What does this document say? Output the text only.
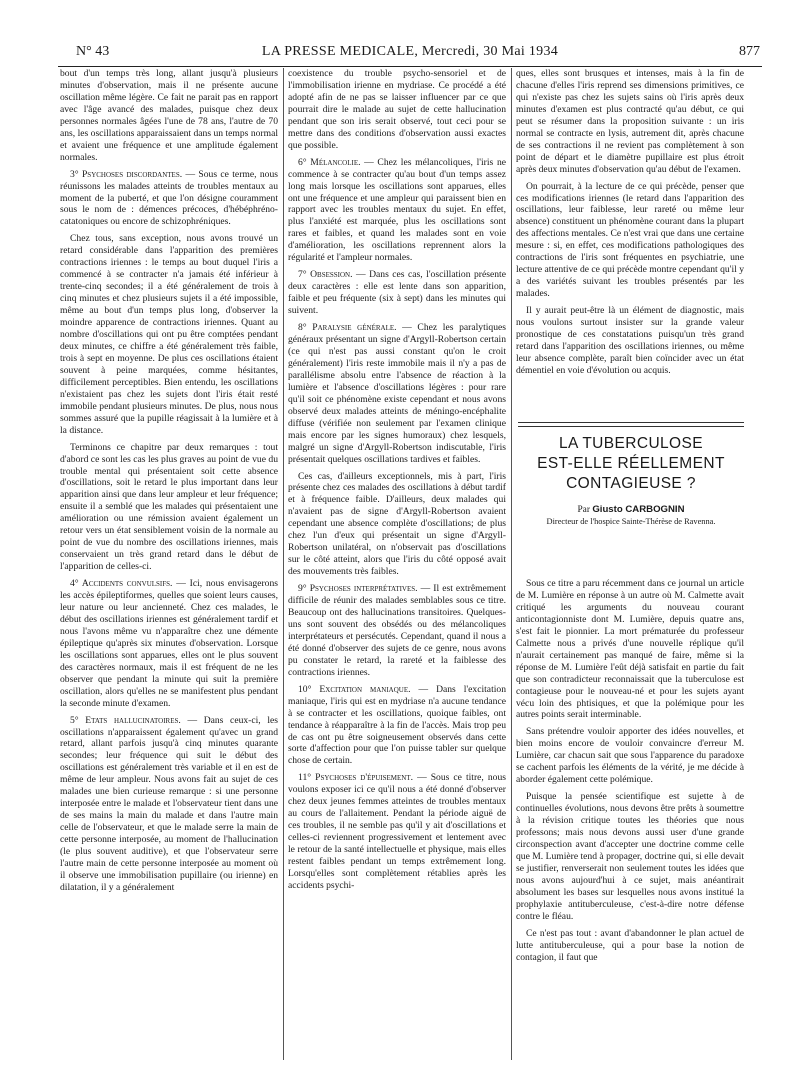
N° 43	LA PRESSE MEDICALE, Mercredi, 30 Mai 1934	877

bout d'un temps très long, allant jusqu'à plusieurs minutes d'observation, mais il ne présente aucune oscillation même légère. Ce fait ne parait pas en rapport avec l'âge avancé des malades, puisque chez deux personnes normales âgées l'une de 78 ans, l'autre de 70 ans, les oscillations apparaissaient dans un temps normal et avaient une fréquence et une amplitude également normales.

3° Psychoses discordantes. — Sous ce terme, nous réunissons les malades atteints de troubles mentaux au moment de la puberté, et que l'on désigne couramment sous le nom de : démences précoces, d'hébéphréno-catatoniques ou encore de schizophréniques.

Chez tous, sans exception, nous avons trouvé un retard considérable dans l'apparition des premières contractions iriennes : le temps au bout duquel l'iris a commencé à se contracter n'a jamais été inférieur à trente-cinq secondes; il a été généralement de trois à cinq minutes et chez plusieurs sujets il a été impossible, même au bout d'un temps plus long, d'observer la moindre apparence de contractions iriennes. Quant au nombre d'oscillations qui ont pu être comptées pendant deux minutes, ce chiffre a été généralement très faible, trois à sept en moyenne. De plus ces oscillations étaient souvent à peine marquées, comme hésitantes, difficilement perceptibles. Bien entendu, les oscillations n'existaient pas chez les sujets dont l'iris était resté immobile pendant plusieurs minutes. De plus, nous nous sommes assuré que la pupille réagissait à la lumière et à la distance.

Terminons ce chapitre par deux remarques : tout d'abord ce sont les cas les plus graves au point de vue du trouble mental qui présentaient soit cette absence d'oscillations, soit le retard le plus important dans leur apparition ainsi que dans leur ampleur et leur fréquence; ensuite il a semblé que les malades qui présentaient une amélioration ou une rémission avaient également un retour vers un état sensiblement voisin de la normale au point de vue du nombre des oscillations iriennes, mais conservaient un très grand retard dans le début de l'apparition de celles-ci.

4° Accidents convulsifs. — Ici, nous envisagerons les accès épileptiformes, quelles que soient leurs causes, leur nature ou leur ancienneté. Chez ces malades, le début des oscillations iriennes est généralement tardif et nous l'avons même vu n'apparaître chez une démente épileptique qu'après six minutes d'observation. Lorsque les oscillations sont apparues, elles ont le plus souvent des caractères normaux, mais il est fréquent de ne les observer que pendant la minute qui suit la première oscillation, alors qu'elles ne se manifestent plus pendant la seconde minute d'examen.

5° Etats hallucinatoires. — Dans ceux-ci, les oscillations n'apparaissent également qu'avec un grand retard, allant parfois jusqu'à cinq minutes quarante secondes; leur fréquence qui suit le début des oscillations est généralement très variable et il en est de même de leur ampleur. Nous avons fait au sujet de ces malades une bien curieuse remarque : si une personne interposée entre le malade et l'observateur tient dans une de ses mains la main du malade et dans l'autre main celle de l'observateur, et que le malade serre la main de cette personne interposée, au moment de l'hallucination (le plus souvent auditive), et que l'observateur serre l'autre main de cette personne interposée au moment où il observe une immobilisation pupillaire (ou irienne) en dilatation, il y a généralement

coexistence du trouble psycho-sensoriel et de l'immobilisation irienne en mydriase. Ce procédé a été adopté afin de ne pas se laisser influencer par ce que pourrait dire le malade au sujet de cette hallucination pendant que son iris serait observé, tout ceci pour se mettre dans des conditions d'observation aussi exactes que possible.

6° Mélancolie. — Chez les mélancoliques, l'iris ne commence à se contracter qu'au bout d'un temps assez long mais lorsque les oscillations sont apparues, elles ont une fréquence et une ampleur qui paraissent bien en rapport avec les troubles mentaux du sujet. En effet, plus l'anxiété est marquée, plus les oscillations sont rares et faibles, et quand les malades sont en voie d'amélioration, les oscillations reprennent alors la régularité et l'ampleur normales.

7° Obsession. — Dans ces cas, l'oscillation présente deux caractères : elle est lente dans son apparition, faible et peu fréquente (six à sept) dans les minutes qui suivent.

8° Paralysie générale. — Chez les paralytiques généraux présentant un signe d'Argyll-Robertson certain (ce qui n'est pas aussi constant qu'on le croit généralement) l'iris reste immobile mais il n'y a pas de parallélisme absolu entre l'absence de réaction à la lumière et l'absence d'oscillations légères : pour rare qu'il soit ce phénomène existe cependant et nous avons observé deux malades atteints de méningo-encéphalite diffuse (vérifiée non seulement par l'examen clinique mais encore par les signes humoraux) chez lesquels, malgré un signe d'Argyll-Robertson indiscutable, l'iris présentait quelques oscillations tardives et faibles.

Ces cas, d'ailleurs exceptionnels, mis à part, l'iris présente chez ces malades des oscillations à début tardif et à fréquence faible. D'ailleurs, deux malades qui n'avaient pas de signe d'Argyll-Robertson avaient cependant une absence complète d'oscillations; de plus chez l'un d'eux qui présentait un signe d'Argyll-Robertson unilatéral, on n'observait pas d'oscillations sur le côté atteint, alors que l'iris du côté opposé avait des mouvements très faibles.

9° Psychoses interprétatives. — Il est extrêmement difficile de réunir des malades semblables sous ce titre. Beaucoup ont des hallucinations transitoires. Quelques-uns sont souvent des obsédés ou des mélancoliques interprétateurs et persécutés. Cependant, quand il nous a été donné d'observer des sujets de ce genre, nous avons pu constater le retard, la rareté et la faiblesse des contractions iriennes.

10° Excitation maniaque. — Dans l'excitation maniaque, l'iris qui est en mydriase n'a aucune tendance à se contracter et les oscillations, quoique faibles, ont tendance à réapparaître à la fin de l'accès. Mais trop peu de cas ont pu être soigneusement observés dans cette sorte d'affection pour que l'on puisse tabler sur quelque chose de certain.

11° Psychoses d'épuisement. — Sous ce titre, nous voulons exposer ici ce qu'il nous a été donné d'observer chez deux jeunes femmes atteintes de troubles mentaux au cours de l'allaitement. Pendant la période aiguë de ces troubles, il ne semble pas qu'il y ait d'oscillations et celles-ci reviennent progressivement et lentement avec le retour de la santé intellectuelle et physique, mais elles restent faibles pendant un temps extrêmement long. Lorsqu'elles sont complètement rétablies après les accidents psychi-

ques, elles sont brusques et intenses, mais à la fin de chacune d'elles l'iris reprend ses dimensions primitives, ce qui n'existe pas chez les sujets sains où l'iris après deux minutes d'examen est plus contracté qu'au début, ce qui peut se résumer dans la proposition suivante : un iris normal se contracte en lysis, autrement dit, après chacune de ses contractions il ne revient pas complètement à son point de départ et le diamètre pupillaire est plus étroit après deux minutes d'observation qu'au début de l'examen.

On pourrait, à la lecture de ce qui précède, penser que ces modifications iriennes (le retard dans l'apparition des oscillations, leur faiblesse, leur rareté ou même leur absence) constituent un phénomène courant dans la plupart des affections mentales. Ce n'est vrai que dans une certaine mesure : si, en effet, ces modifications pathologiques des contractions de l'iris sont fréquentes en psychiatrie, une lecture attentive de ce qui précède montre cependant qu'il y a des variétés suivant les troubles présentés par les malades.

Il y aurait peut-être là un élément de diagnostic, mais nous voulons surtout insister sur la grande valeur pronostique de ces constatations puisqu'un très grand retard dans l'apparition des oscillations iriennes, ou même leur absence complète, paraît bien coïncider avec un état démentiel en voie d'évolution ou acquis.

LA TUBERCULOSE
EST-ELLE RÉELLEMENT
CONTAGIEUSE ?
Par Giusto CARBOGNIN
Directeur de l'hospice Sainte-Thérèse de Ravenna.

Sous ce titre a paru récemment dans ce journal un article de M. Lumière en réponse à un autre où M. Calmette avait critiqué les arguments du nouveau courant anticontagionniste dont M. Lumière, depuis quatre ans, s'est fait le pionnier. La mort prématurée du professeur Calmette nous a privés d'une nouvelle réplique qu'il n'aurait certainement pas manqué de faire, même si la réponse de M. Lumière l'eût déjà satisfait en partie du fait que son contradicteur reconnaissait que la tuberculose est contagieuse pour le nouveau-né et pour les sujets ayant vécu loin des phtisiques, et que la polémique pour les autres points serait interminable.

Sans prétendre vouloir apporter des idées nouvelles, et bien moins encore de vouloir convaincre d'erreur M. Lumière, car chacun sait que sous l'apparence du paradoxe se cachent parfois les éléments de la vérité, je me décide à aborder également cette polémique.

Puisque la pensée scientifique est sujette à de continuelles évolutions, nous devons être prêts à soumettre à la révision critique toutes les théories que nous professons; mais nous devons aussi user d'une grande circonspection avant d'accepter une doctrine comme celle que M. Lumière tend à propager, doctrine qui, si elle devait se justifier, renverserait non seulement toutes les idées que nous avons aujourd'hui à ce sujet, mais anéantirait absolument les bases sur lesquelles nous avons institué la prophylaxie antituberculeuse, c'est-à-dire notre défense contre le fléau.

Ce n'est pas tout : avant d'abandonner le plan actuel de lutte antituberculeuse, qui a pour base la notion de contagion, il faut que
